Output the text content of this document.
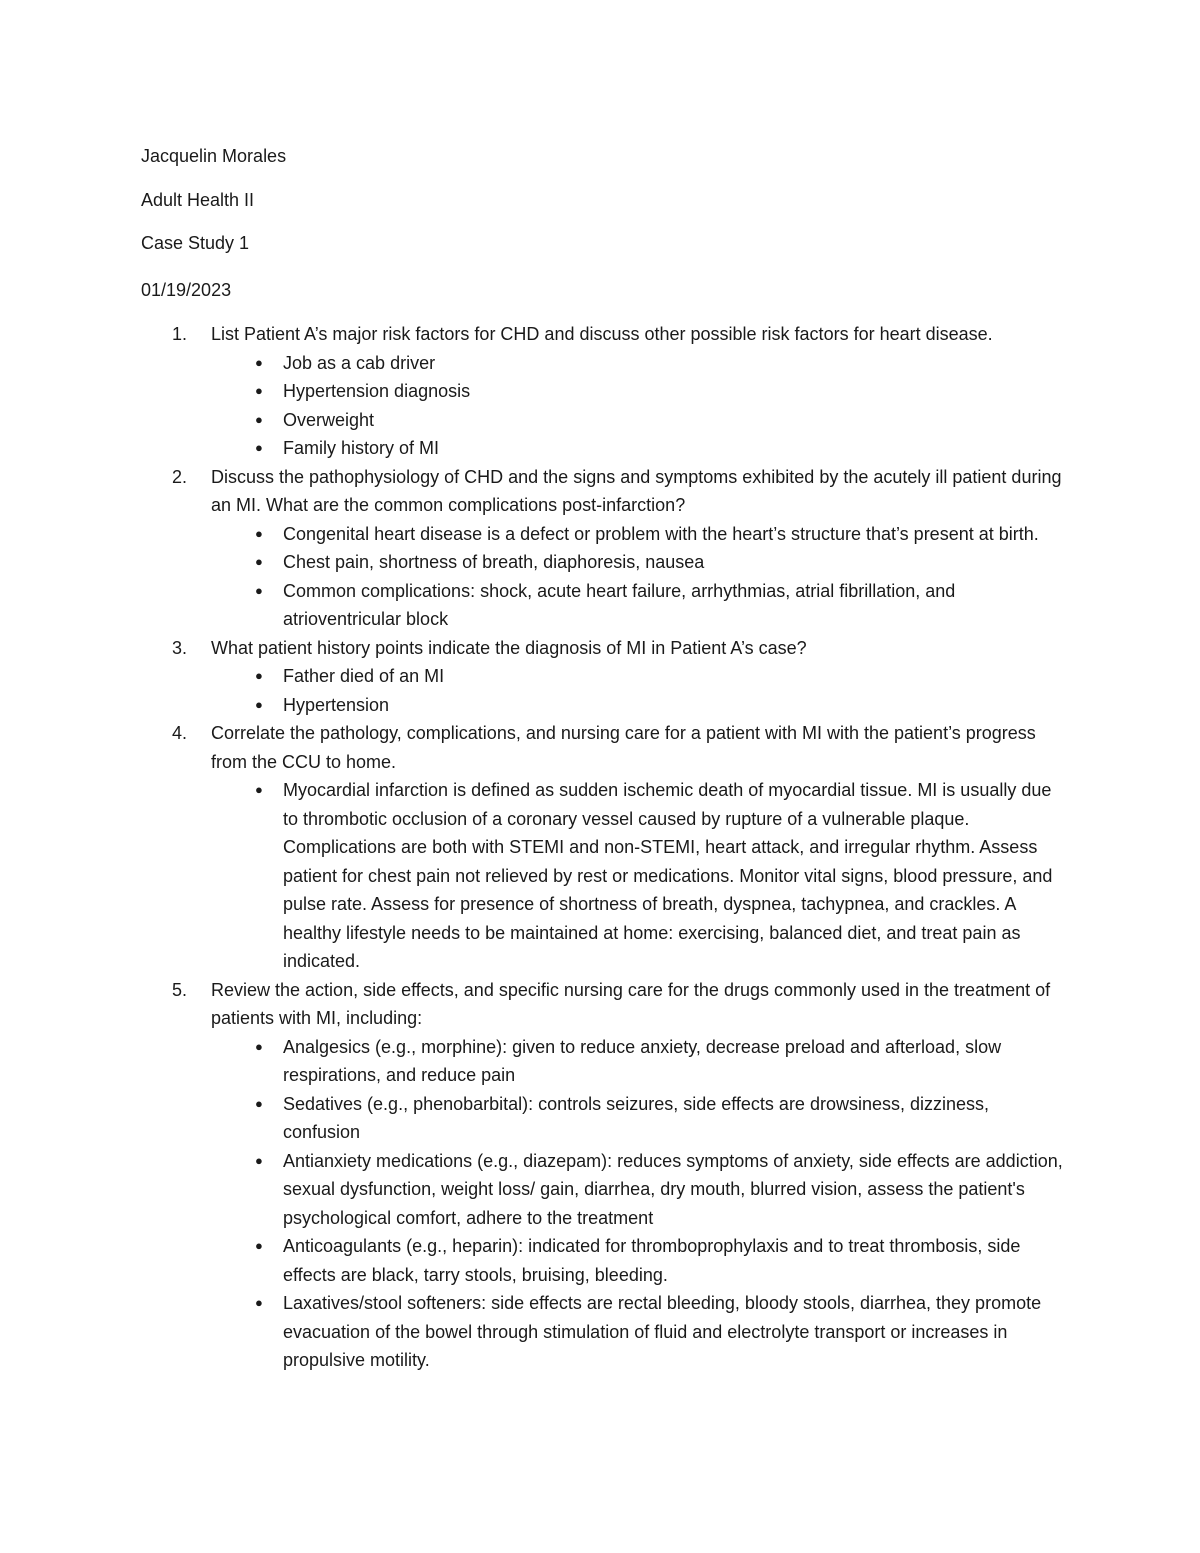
Jacquelin Morales
Adult Health II
Case Study 1
01/19/2023
1. List Patient A’s major risk factors for CHD and discuss other possible risk factors for heart disease.
● Job as a cab driver
● Hypertension diagnosis
● Overweight
● Family history of MI
2. Discuss the pathophysiology of CHD and the signs and symptoms exhibited by the acutely ill patient during an MI. What are the common complications post-infarction?
● Congenital heart disease is a defect or problem with the heart’s structure that’s present at birth.
● Chest pain, shortness of breath, diaphoresis, nausea
● Common complications: shock, acute heart failure, arrhythmias, atrial fibrillation, and atrioventricular block
3. What patient history points indicate the diagnosis of MI in Patient A’s case?
● Father died of an MI
● Hypertension
4. Correlate the pathology, complications, and nursing care for a patient with MI with the patient’s progress from the CCU to home.
● Myocardial infarction is defined as sudden ischemic death of myocardial tissue. MI is usually due to thrombotic occlusion of a coronary vessel caused by rupture of a vulnerable plaque. Complications are both with STEMI and non-STEMI, heart attack, and irregular rhythm. Assess patient for chest pain not relieved by rest or medications. Monitor vital signs, blood pressure, and pulse rate. Assess for presence of shortness of breath, dyspnea, tachypnea, and crackles. A healthy lifestyle needs to be maintained at home: exercising, balanced diet, and treat pain as indicated.
5. Review the action, side effects, and specific nursing care for the drugs commonly used in the treatment of patients with MI, including:
● Analgesics (e.g., morphine): given to reduce anxiety, decrease preload and afterload, slow respirations, and reduce pain
● Sedatives (e.g., phenobarbital): controls seizures, side effects are drowsiness, dizziness, confusion
● Antianxiety medications (e.g., diazepam): reduces symptoms of anxiety, side effects are addiction, sexual dysfunction, weight loss/ gain, diarrhea, dry mouth, blurred vision, assess the patient's psychological comfort, adhere to the treatment
● Anticoagulants (e.g., heparin): indicated for thromboprophylaxis and to treat thrombosis, side effects are black, tarry stools, bruising, bleeding.
● Laxatives/stool softeners: side effects are rectal bleeding, bloody stools, diarrhea, they promote evacuation of the bowel through stimulation of fluid and electrolyte transport or increases in propulsive motility.
